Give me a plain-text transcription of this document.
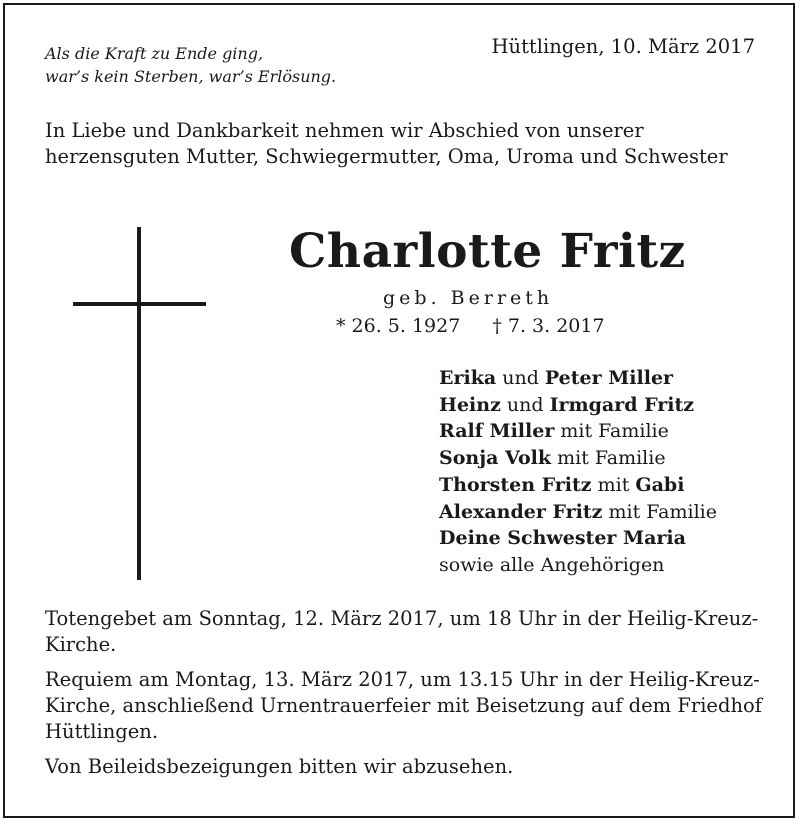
Als die Kraft zu Ende ging,
war’s kein Sterben, war’s Erlösung.
Hüttlingen, 10. März 2017
In Liebe und Dankbarkeit nehmen wir Abschied von unserer herzensguten Mutter, Schwiegermutter, Oma, Uroma und Schwester
Charlotte Fritz
geb. Berreth
* 26. 5. 1927 † 7. 3. 2017
Erika und Peter Miller
Heinz und Irmgard Fritz
Ralf Miller mit Familie
Sonja Volk mit Familie
Thorsten Fritz mit Gabi
Alexander Fritz mit Familie
Deine Schwester Maria
sowie alle Angehörigen

Totengebet am Sonntag, 12. März 2017, um 18 Uhr in der Heilig-Kreuz-Kirche.

Requiem am Montag, 13. März 2017, um 13.15 Uhr in der Heilig-Kreuz-Kirche, anschließend Urnentrauerfeier mit Beisetzung auf dem Friedhof Hüttlingen.

Von Beileidsbezeigungen bitten wir abzusehen.
